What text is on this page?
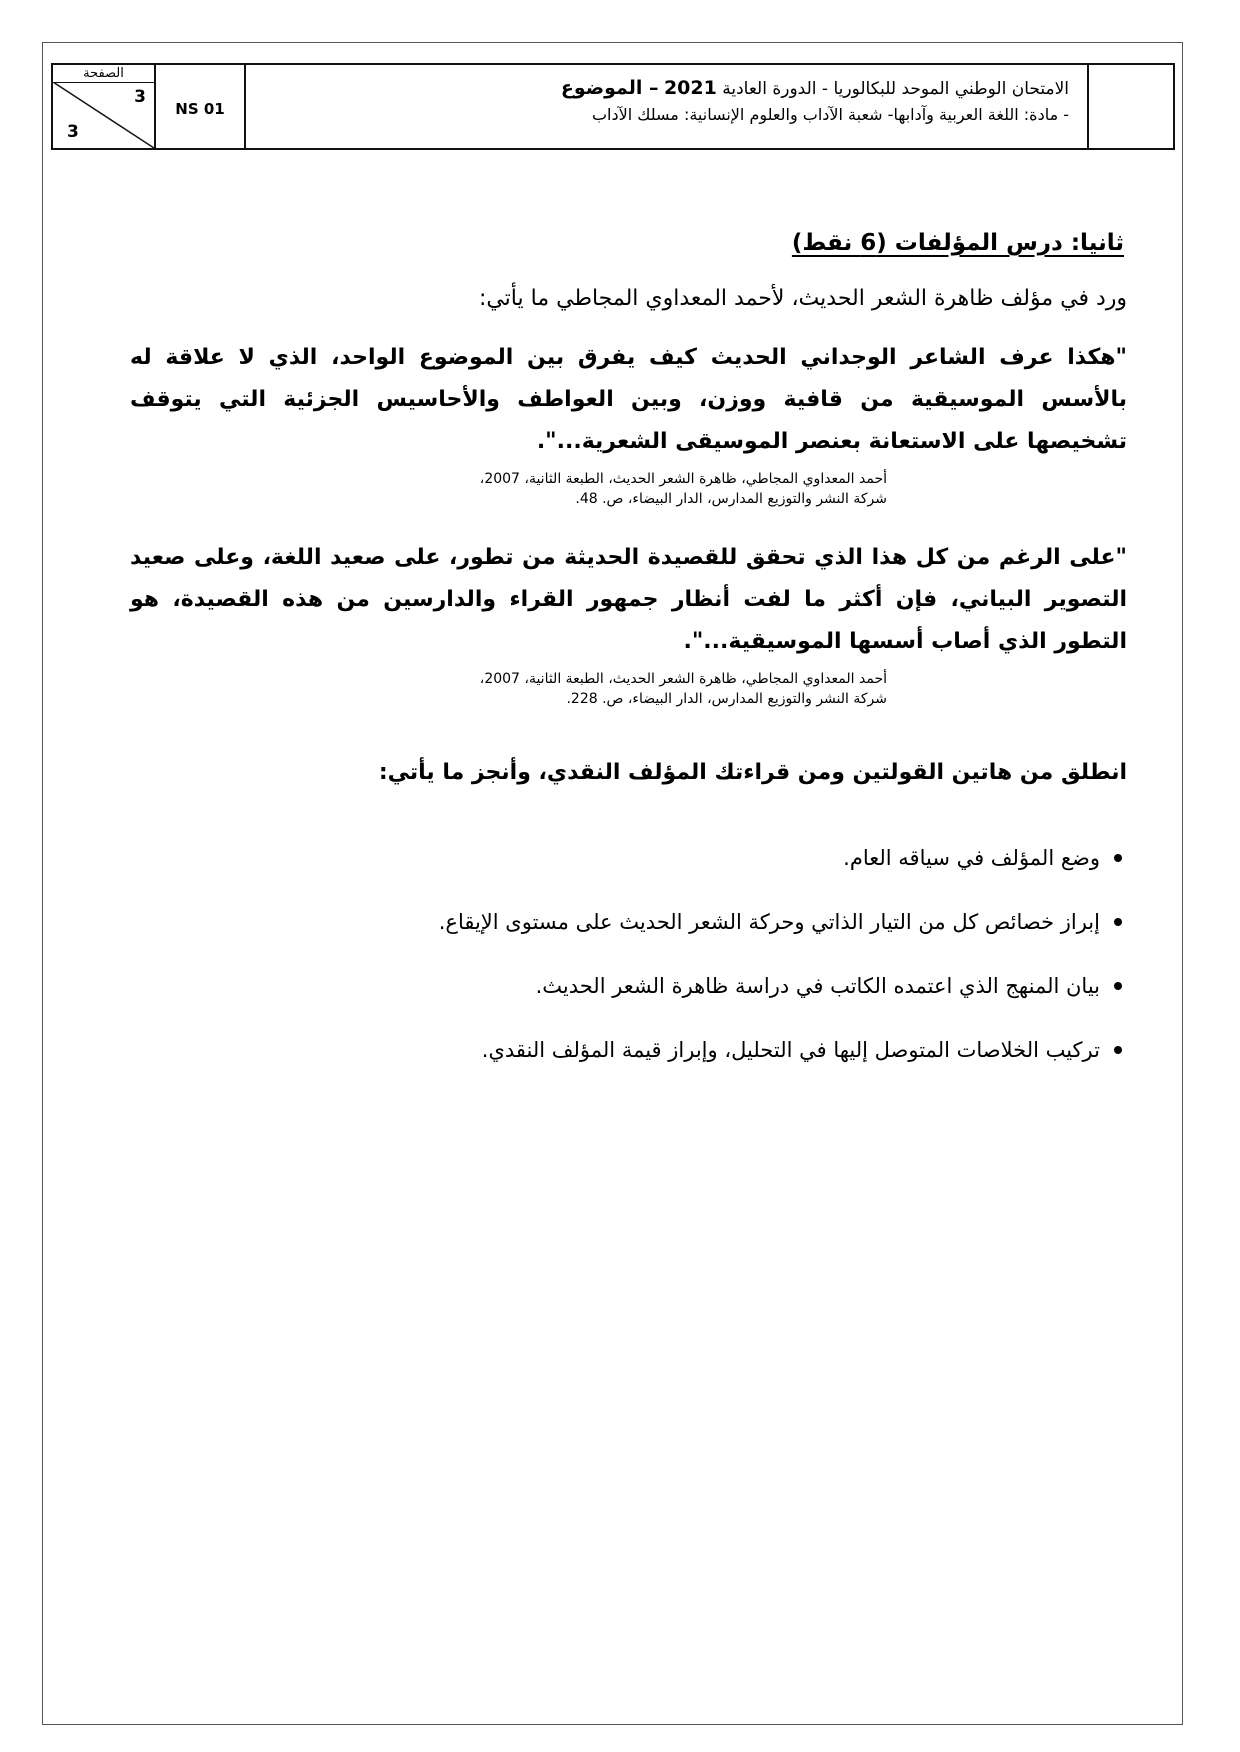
الصفحة
3
3
NS 01
الامتحان الوطني الموحد للبكالوريا - الدورة العادية 2021 – الموضوع
- مادة: اللغة العربية وآدابها- شعبة الآداب والعلوم الإنسانية: مسلك الآداب

ثانيا: درس المؤلفات (6 نقط)

ورد في مؤلف ظاهرة الشعر الحديث، لأحمد المعداوي المجاطي ما يأتي:

"هكذا عرف الشاعر الوجداني الحديث كيف يفرق بين الموضوع الواحد، الذي لا علاقة له بالأسس الموسيقية من قافية ووزن، وبين العواطف والأحاسيس الجزئية التي يتوقف تشخيصها على الاستعانة بعنصر الموسيقى الشعرية...".

أحمد المعداوي المجاطي، ظاهرة الشعر الحديث، الطبعة الثانية، 2007،
شركة النشر والتوزيع المدارس، الدار البيضاء، ص. 48.

"على الرغم من كل هذا الذي تحقق للقصيدة الحديثة من تطور، على صعيد اللغة، وعلى صعيد التصوير البياني، فإن أكثر ما لفت أنظار جمهور القراء والدارسين من هذه القصيدة، هو التطور الذي أصاب أسسها الموسيقية...".

أحمد المعداوي المجاطي، ظاهرة الشعر الحديث، الطبعة الثانية، 2007،
شركة النشر والتوزيع المدارس، الدار البيضاء، ص. 228.

انطلق من هاتين القولتين ومن قراءتك المؤلف النقدي، وأنجز ما يأتي:

وضع المؤلف في سياقه العام.
إبراز خصائص كل من التيار الذاتي وحركة الشعر الحديث على مستوى الإيقاع.
بيان المنهج الذي اعتمده الكاتب في دراسة ظاهرة الشعر الحديث.
تركيب الخلاصات المتوصل إليها في التحليل، وإبراز قيمة المؤلف النقدي.
